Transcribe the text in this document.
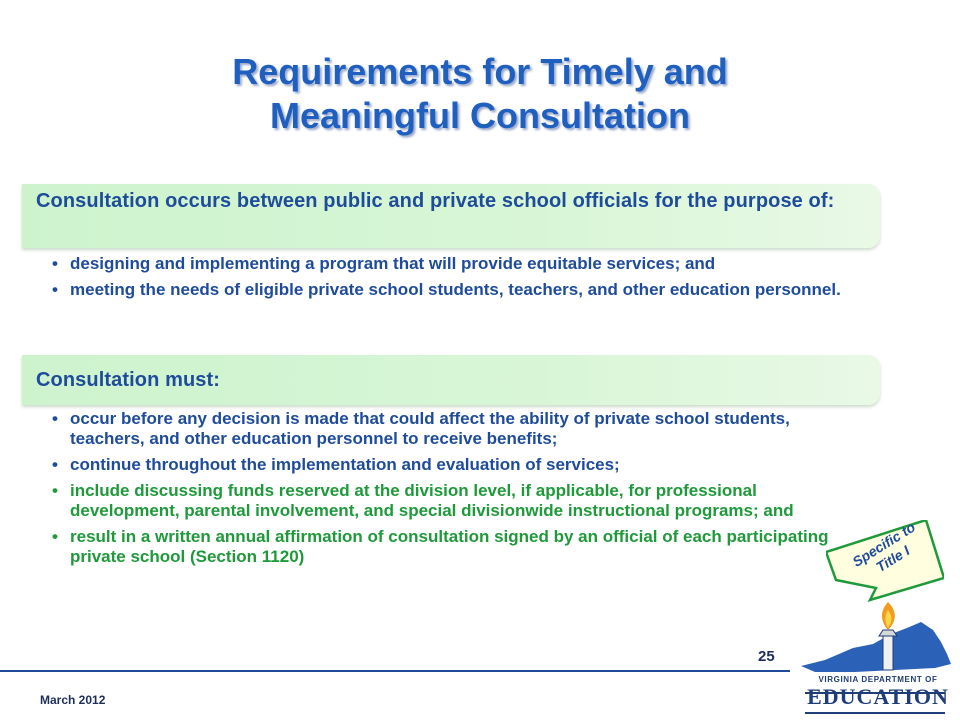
Requirements for Timely and
Meaningful Consultation
Consultation occurs between public and private school officials for the purpose of:
• designing and implementing a program that will provide equitable services; and
• meeting the needs of eligible private school students, teachers, and other education personnel.
Consultation must:
• occur before any decision is made that could affect the ability of private school students, teachers, and other education personnel to receive benefits;
• continue throughout the implementation and evaluation of services;
• include discussing funds reserved at the division level, if applicable, for professional development, parental involvement, and special divisionwide instructional programs; and
• result in a written annual affirmation of consultation signed by an official of each participating private school (Section 1120)	Specific to Title I
25
March 2012
VIRGINIA DEPARTMENT OF
EDUCATION
